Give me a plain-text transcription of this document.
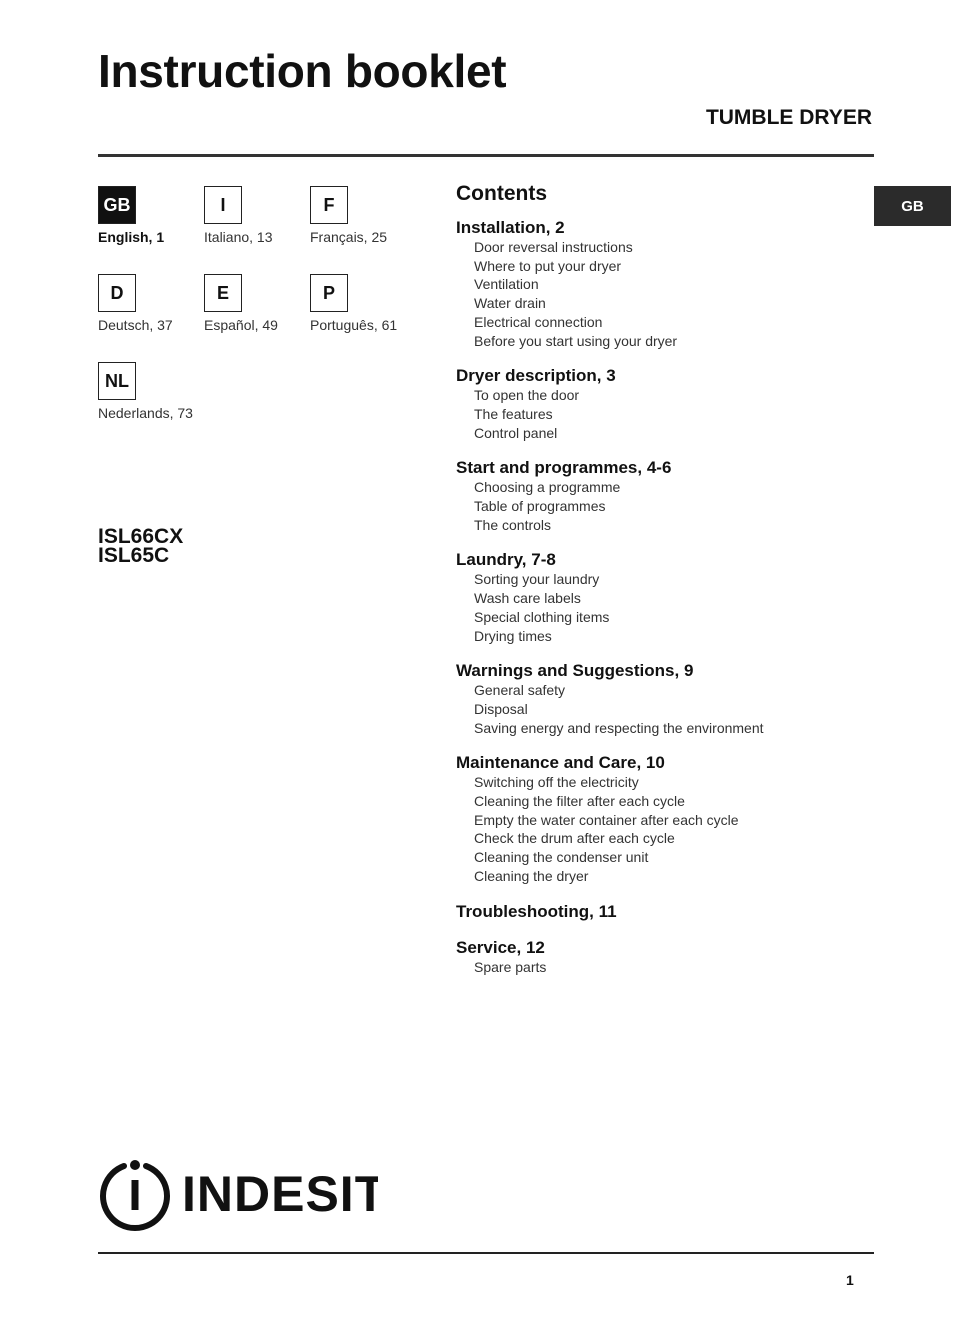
Instruction booklet
TUMBLE DRYER
GB
GB
English, 1
I
Italiano, 13
F
Français, 25
D
Deutsch, 37
E
Español, 49
P
Português, 61
NL
Nederlands, 73
ISL66CX
ISL65C
Contents
Installation, 2
Door reversal instructions
Where to put your dryer
Ventilation
Water drain
Electrical connection
Before you start using your dryer
Dryer description, 3
To open the door
The features
Control panel
Start and programmes, 4-6
Choosing a programme
Table of programmes
The controls
Laundry, 7-8
Sorting your laundry
Wash care labels
Special clothing items
Drying times
Warnings and Suggestions, 9
General safety
Disposal
Saving energy and respecting the environment
Maintenance and Care, 10
Switching off the electricity
Cleaning the filter after each cycle
Empty the water container after each cycle
Check the drum after each cycle
Cleaning the condenser unit
Cleaning the dryer
Troubleshooting, 11
Service, 12
Spare parts
INDESIT
1
